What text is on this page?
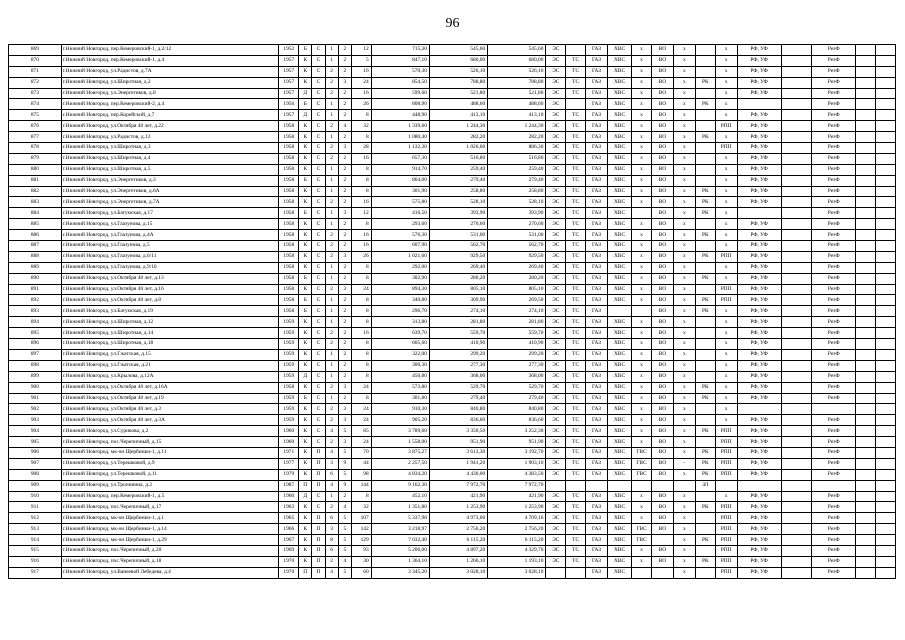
96
869	г.Нижний Новгород, пер.Кемеровский-1, д.2/12	1952	Б	С	1	2	12	715,30	545,60	545,60	ЭС		ГАЗ	ХВС	х	ВО	х		х	РФ, УФ		РезФ		
870	г.Нижний Новгород, пер.Кемеровский-1, д.4	1957	К	С	1	2	5	847,10	680,00	680,00	ЭС	ТС	ГАЗ	ХВС	х	ВО	х		х	РФ, УФ		РезФ		
871	г.Нижний Новгород, ул.Радистов, д.7А	1957	К	С	2	2	16	570,30	526,10	526,10	ЭС	ТС	ГАЗ	ХВС	х	ВО	х		х	РФ, УФ		РезФ		
872	г.Нижний Новгород, ул.Широтная, д.2	1957	К	С	2	3	24	854,50	788,80	788,80	ЭС	ТС	ГАЗ	ХВС	х	ВО	х	РК	х	РФ, УФ		РезФ		
873	г.Нижний Новгород, ул.Энергетиков, д.8	1957	Д	С	2	2	16	599,60	521,80	521,80	ЭС	ТС	ГАЗ	ХВС	х	ВО	х		х	РФ, УФ		РезФ		
874	г.Нижний Новгород, пер.Кемеровский-2, д.4	1956	Б	С	1	2	26	808,90	488,60	488,60	ЭС		ГАЗ	ХВС	х	ВО	х	РК	х			РезФ		
875	г.Нижний Новгород, пер.Корейский, д.7	1957	Д	С	1	2	8	448,90	413,10	413,10	ЭС	ТС	ГАЗ	ХВС	х	ВО	х		х	РФ, УФ		РезФ		
876	г.Нижний Новгород, ул.Октября 40 лет, д.22	1958	К	С	2	4	32	1 339,60	1 244,30	1 244,30	ЭС	ТС	ГАЗ	ХВС	х	ВО	х		РПП	РФ, УФ		РезФ		
877	г.Нижний Новгород, ул.Радистов, д.12	1958	К	С	1	2	8	1 080,40	282,20	282,20	ЭС	ТС	ГАЗ	ХВС	х	ВО	х	РК	х	РФ, УФ		РезФ		
878	г.Нижний Новгород, ул.Широтная, д.3	1958	К	С	2	3	28	1 132,30	1 026,60	886,30	ЭС	ТС	ГАЗ	ХВС	х	ВО	х		РПП	РФ, УФ		РезФ		
879	г.Нижний Новгород, ул.Широтная, д.4	1958	К	С	2	2	16	657,30	516,80	516,80	ЭС	ТС	ГАЗ	ХВС	х	ВО	х		х	РФ, УФ		РезФ		
880	г.Нижний Новгород, ул.Широтная, д.5	1958	К	С	1	2	8	914,70	259,40	259,40	ЭС	ТС	ГАЗ	ХВС	х	ВО	х		х	РФ, УФ		РезФ		
881	г.Нижний Новгород, ул.Энергетиков, д.3	1958	Б	С	1	2	8	864,00	279,40	279,40	ЭС	ТС	ГАЗ	ХВС	х	ВО	х		х	РФ, УФ		РезФ		
882	г.Нижний Новгород, ул.Энергетиков, д.6А	1958	К	С	1	2	8	301,90	258,80	258,80	ЭС	ТС	ГАЗ	ХВС	х	ВО	х	РК	х	РФ, УФ		РезФ		
883	г.Нижний Новгород, ул.Энергетиков, д.7А	1958	К	С	2	2	16	575,80	528,10	528,10	ЭС	ТС	ГАЗ	ХВС	х	ВО	х	РК	х	РФ, УФ		РезФ		
884	г.Нижний Новгород, ул.Батумская, д.17	1958	Б	С	1	3	12	416,50	393,90	393,90	ЭС	ТС	ГАЗ	ХВС		ВО	х	РК	х			РезФ		
885	г.Нижний Новгород, ул.Глазунова, д.15	1958	К	С	1	2	8	293,60	270,60	270,60	ЭС	ТС	ГАЗ	ХВС	х	ВО	х		х	РФ, УФ		РезФ		
886	г.Нижний Новгород, ул.Глазунова, д.4А	1958	К	С	2	2	16	576,30	531,00	531,00	ЭС	ТС	ГАЗ	ХВС	х	ВО	х	РК	х	РФ, УФ		РезФ		
887	г.Нижний Новгород, ул.Глазунова, д.5	1958	К	С	2	2	16	607,90	562,70	562,70	ЭС	ТС	ГАЗ	ХВС	х	ВО	х		х	РФ, УФ		РезФ		
888	г.Нижний Новгород, ул.Глазунова, д.6/11	1958	К	С	2	3	26	1 021,60	929,50	929,50	ЭС	ТС	ГАЗ	ХВС	х	ВО	х	РК	РПП	РФ, УФ		РезФ		
889	г.Нижний Новгород, ул.Глазунова, д.9/16	1958	К	С	1	2	8	292,00	269,40	269,40	ЭС	ТС	ГАЗ	ХВС	х	ВО	х		х	РФ, УФ		РезФ		
890	г.Нижний Новгород, ул.Октября 40 лет, д.13	1958	Б	С	1	2	8	302,90	280,20	280,20	ЭС	ТС	ГАЗ	ХВС	х	ВО	х	РК	х	РФ, УФ		РезФ		
891	г.Нижний Новгород, ул.Октября 40 лет, д.16	1958	К	С	2	3	24	894,30	805,10	805,10	ЭС	ТС	ГАЗ	ХВС	х	ВО	х		РПП	РФ, УФ		РезФ		
892	г.Нижний Новгород, ул.Октября 40 лет, д.8	1958	Б	С	1	2	8	340,80	309,90	269,50	ЭС	ТС	ГАЗ	ХВС	х	ВО	х	РК	РПП	РФ, УФ		РезФ		
893	г.Нижний Новгород, ул.Батумская, д.19	1958	Б	С	1	2	8	296,70	274,10	274,10	ЭС	ТС	ГАЗ			ВО	х	РК	х	РФ, УФ		РезФ		
894	г.Нижний Новгород, ул.Широтная, д.12	1959	К	С	1	2	8	313,80	281,80	281,80	ЭС	ТС	ГАЗ	ХВС	х	ВО	х		х	РФ, УФ		РезФ		
895	г.Нижний Новгород, ул.Широтная, д.14	1959	К	С	2	2	16	639,70	559,70	559,70	ЭС	ТС	ГАЗ	ХВС	х	ВО	х		х	РФ, УФ		РезФ		
896	г.Нижний Новгород, ул.Широтная, д.18	1959	К	С	2	2	8	605,60	410,90	410,90	ЭС	ТС	ГАЗ	ХВС	х	ВО	х		х	РФ, УФ		РезФ		
897	г.Нижний Новгород, ул.Гжатская, д.15	1959	К	С	1	2	8	322,00	299,20	299,20	ЭС	ТС	ГАЗ	ХВС	х	ВО	х		х	РФ, УФ		РезФ		
898	г.Нижний Новгород, ул.Гжатская, д.21	1959	К	С	1	2	8	300,30	277,30	277,30	ЭС	ТС	ГАЗ	ХВС	х	ВО	х		х	РФ, УФ		РезФ		
899	г.Нижний Новгород, ул.Крылова, д.12А	1959	Д	С	1	2	8	450,80	368,00	368,00	ЭС	ТС	ГАЗ	ХВС	х	ВО	х		х	РФ, УФ		РезФ		
900	г.Нижний Новгород, ул.Октября 40 лет, д.16А	1958	К	С	2	3	24	573,80	529,70	529,70	ЭС	ТС	ГАЗ	ХВС	х	ВО	х	РК	х	РФ, УФ		РезФ		
901	г.Нижний Новгород, ул.Октября 40 лет, д.19	1959	Б	С	1	2	8	301,80	279,40	279,40	ЭС	ТС	ГАЗ	ХВС	х	ВО	х	РК	х	РФ, УФ		РезФ		
902	г.Нижний Новгород, ул.Октября 40 лет, д.3	1959	К	С	2	3	24	910,30	840,80	840,80	ЭС	ТС	ГАЗ	ХВС	х	ВО	х		х					
903	г.Нижний Новгород, ул.Октября 40 лет, д.3А	1959	К	С	2	3	24	905,20	836,60	836,60	ЭС	ТС	ГАЗ	ХВС	х	ВО	х		х	РФ, УФ		РезФ		
904	г.Нижний Новгород, ул.Сурикова, д.2	1960	К	С	4	5	85	3 789,60	3 350,50	3 252,30	ЭС	ТС	ГАЗ	ХВС	х	ВО	х	РК	РПП	РФ, УФ		РезФ		
905	г.Нижний Новгород, пос.Черепичный, д.15	1960	К	С	2	3	24	1 558,00	951,90	951,90	ЭС	ТС	ГАЗ	ХВС	х	ВО	х		РПП	РФ, УФ		РезФ		
906	г.Нижний Новгород, мк-он Щербинки-1, д.11	1971	К	П	4	5	70	3 875,27	3 613,30	3 192,70	ЭС	ТС	ГАЗ	ХВС	ГВС	ВО	х	РК	РПП	РФ, УФ		РезФ		
907	г.Нижний Новгород, ул.Терешковой, д.9	1977	К	П	3	9	44	2 257,50	1 941,20	1 903,10	ЭС	ТС	ГАЗ	ХВС	ГВС	ВО	-	РК	РПП	РФ, УФ		РезФ		
908	г.Нижний Новгород, ул.Терешковой, д.11	1979	К	П	6	5	98	4 834,20	4 430,00	4 383,50	ЭС	ТС	ГАЗ	ХВС	ГВС	ВО	х	РК	РПП	РФ, УФ		РезФ		
909	г.Нижний Новгород, ул.Тропинина, д.2	1987	П	П	4	9	144	9 162,30	7 972,70	7 972,70								ЗЛ						
910	г.Нижний Новгород, пер.Кемеровский-1, д.5	1960	Д	С	1	2	8	452,10	421,90	421,90	ЭС	ТС	ГАЗ	ХВС	х	ВО	х		х	РФ, УФ		РезФ		
911	г.Нижний Новгород, пос.Черепичный, д.17	1963	К	С	2	4	32	1 351,80	1 253,90	1 253,90	ЭС	ТС	ГАЗ	ХВС	х	ВО	х	РК	РПП	РФ, УФ		РезФ		
912	г.Нижний Новгород, мк-он Щербинки-1, д.1	1965	К	П	6	5	107	5 337,98	4 973,06	4 709,16	ЭС	ТС	ГАЗ	ХВС	х	ВО	х		РПП	РФ, УФ		РезФ		
913	г.Нижний Новгород, мк-он Щербинки-1, д.14	1966	К	П	3	5	142	3 218,97	2 756,20	2 756,20	ЭС	ТС	ГАЗ	ХВС	ГВС	ВО	х		РПП	РФ, УФ		РезФ		
914	г.Нижний Новгород, мк-он Щербинки-1, д.29	1967	К	П	8	5	129	7 032,40	6 115,20	6 115,20	ЭС	ТС	ГАЗ	ХВС	ГВС		х	РК	РПП	РФ, УФ		РезФ		
915	г.Нижний Новгород, пос.Черепичный, д.20	1969	К	П	6	5	93	5 206,00	4 897,20	4 329,70	ЭС	ТС	ГАЗ	ХВС	х	ВО	х		РПП	РФ, УФ		РезФ		
916	г.Нижний Новгород, пос.Черепичный, д.18	1970	К	П	2	4	30	1 364,10	1 266,10	1 193,10	ЭС	ТС	ГАЗ	ХВС	х	ВО	х	РК	РПП	РФ, УФ		РезФ		
917	г.Нижний Новгород, ул.Ванеевой Лебедева, д.4	1970	П	П	4	5	60	3 345,20	3 028,10	3 028,10			ГАЗ	ХВС			х		РПП	РФ, УФ		РезФ		
